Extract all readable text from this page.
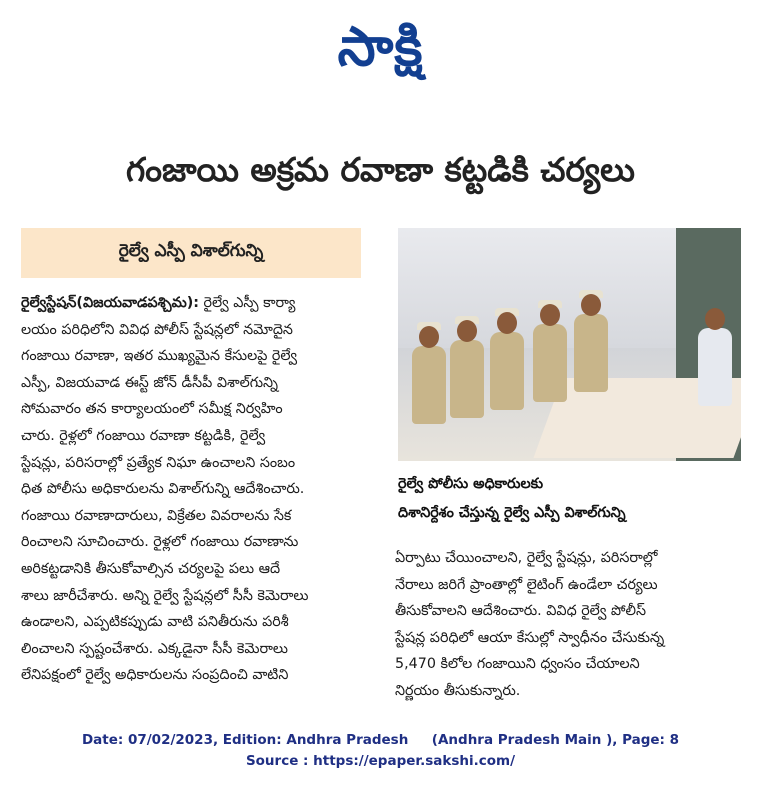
సాక్షి
గంజాయి అక్రమ రవాణా కట్టడికి చర్యలు
రైల్వే ఎస్పీ విశాల్‌గున్ని

రైల్వేస్టేషన్(విజయవాడపశ్చిమ): రైల్వే ఎస్పీ కార్యా

లయం పరిధిలోని వివిధ పోలీస్ స్టేషన్లలో నమోదైన

గంజాయి రవాణా, ఇతర ముఖ్యమైన కేసులపై రైల్వే

ఎస్పీ, విజయవాడ ఈస్ట్ జోన్ డీసీపీ విశాల్‌గున్ని

సోమవారం తన కార్యాలయంలో సమీక్ష నిర్వహిం

చారు. రైళ్లలో గంజాయి రవాణా కట్టడికి, రైల్వే

స్టేషన్లు, పరిసరాల్లో ప్రత్యేక నిఘా ఉంచాలని సంబం

ధిత పోలీసు అధికారులను విశాల్‌గున్ని ఆదేశించారు.

గంజాయి రవాణాదారులు, విక్రేతల వివరాలను సేక

రించాలని సూచించారు. రైళ్లలో గంజాయి రవాణాను

అరికట్టడానికి తీసుకోవాల్సిన చర్యలపై పలు ఆదే

శాలు జారీచేశారు. అన్ని రైల్వే స్టేషన్లలో సీసీ కెమెరాలు

ఉండాలని, ఎప్పటికప్పుడు వాటి పనితీరును పరిశీ

లించాలని స్పష్టంచేశారు. ఎక్కడైనా సీసీ కెమెరాలు

లేనిపక్షంలో రైల్వే అధికారులను సంప్రదించి వాటిని

రైల్వే పోలీసు అధికారులకు

దిశానిర్దేశం చేస్తున్న రైల్వే ఎస్పీ విశాల్‌గున్ని

ఏర్పాటు చేయించాలని, రైల్వే స్టేషన్లు, పరిసరాల్లో

నేరాలు జరిగే ప్రాంతాల్లో లైటింగ్ ఉండేలా చర్యలు

తీసుకోవాలని ఆదేశించారు. వివిధ రైల్వే పోలీస్

స్టేషన్ల పరిధిలో ఆయా కేసుల్లో స్వాధీనం చేసుకున్న

5,470 కిలోల గంజాయిని ధ్వంసం చేయాలని

నిర్ణయం తీసుకున్నారు.

Date: 07/02/2023, Edition: Andhra Pradesh     (Andhra Pradesh Main ), Page: 8
Source : https://epaper.sakshi.com/
